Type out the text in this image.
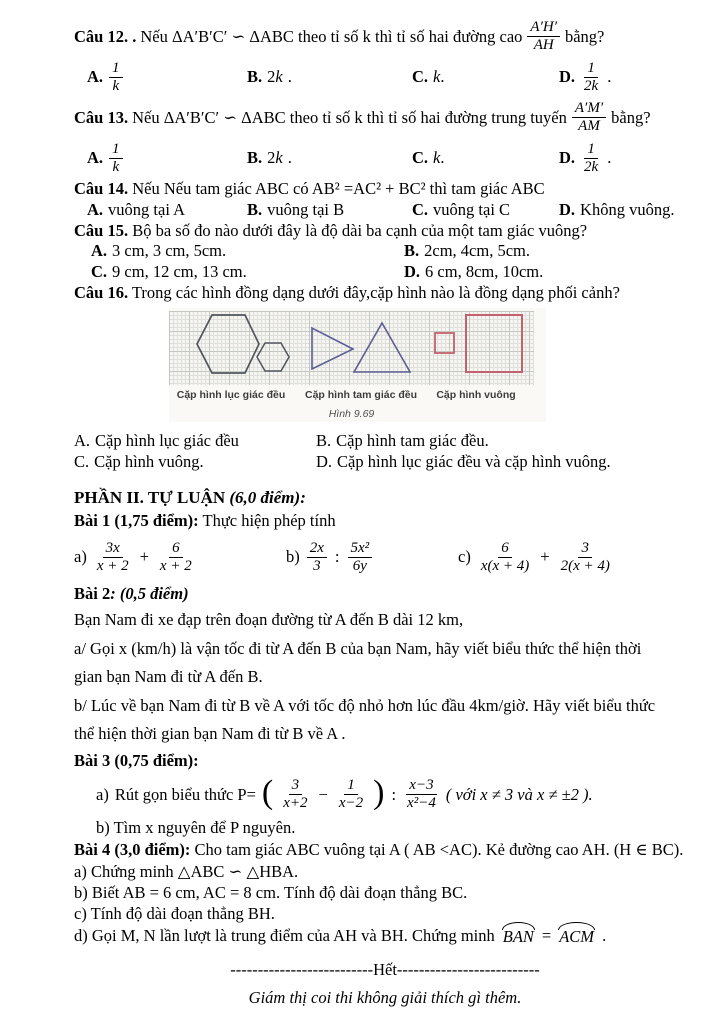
Câu 12. . Nếu ΔA′B′C′ ∽ ΔABC theo tỉ số k thì tỉ số hai đường cao $\frac{A'H'}{AH}$ bằng?
A. $\frac{1}{k}$	B. 2 k .	C. k .	D. $\frac{1}{2k}$ .
Câu 13. Nếu ΔA′B′C′ ∽ ΔABC theo tỉ số k thì tỉ số hai đường trung tuyến $\frac{A'M'}{AM}$ bằng?
A. $\frac{1}{k}$	B. 2 k .	C. k .	D. $\frac{1}{2k}$ .
Câu 14. Nếu Nếu tam giác ABC có AB² =AC² + BC² thì tam giác ABC
A. vuông tại A	B. vuông tại B	C. vuông tại C	D. Không vuông.
Câu 15. Bộ ba số đo nào dưới đây là độ dài ba cạnh của một tam giác vuông?
A. 3 cm, 3 cm, 5cm.	B. 2cm, 4cm, 5cm.
C. 9 cm, 12 cm, 13 cm.	D. 6 cm, 8cm, 10cm.
Câu 16. Trong các hình đồng dạng dưới đây,cặp hình nào là đồng dạng phối cảnh?
Cặp hình lục giác đều	Cặp hình tam giác đều	Cặp hình vuông
Hình 9.69
A. Cặp hình lục giác đều	B. Cặp hình tam giác đều.
C. Cặp hình vuông.	D. Cặp hình lục giác đều và cặp hình vuông.
PHẦN II. TỰ LUẬN (6,0 điểm):
Bài 1 (1,75 điểm): Thực hiện phép tính
$a) \frac{3x}{x + 2} + \frac{6}{x + 2}$	$b) \frac{2x}{3}$ : $\frac{\text{5x²}}{6y}$	$c) \frac{6}{x(x + 4)} + \frac{3}{2(x + 4)}$
Bài 2: (0,5 điểm)
Bạn Nam đi xe đạp trên đoạn đường từ A đến B dài 12 km,
a/ Gọi x (km/h) là vận tốc đi từ A đến B của bạn Nam, hãy viết biểu thức thể hiện thời
gian bạn Nam đi từ A đến B.
b/ Lúc về bạn Nam đi từ B về A với tốc độ nhỏ hơn lúc đầu 4km/giờ. Hãy viết biểu thức
thể hiện thời gian bạn Nam đi từ B về A .
Bài 3 (0,75 điểm):
a) Rút gọn biểu thức P= ( $\frac{3}{x+2} - \frac{1}{x-2}$ ) : $\frac{x-3}{\text{x²−4}}$ ( với x ≠ 3 và x ≠ ±2 ).
b) Tìm x nguyên để P nguyên.
Bài 4 (3,0 điểm): Cho tam giác ABC vuông tại A ( AB <AC). Kẻ đường cao AH. (H ∈ BC).
a) Chứng minh △ABC ∽ △HBA.
b) Biết AB = 6 cm, AC = 8 cm. Tính độ dài đoạn thẳng BC.
c) Tính độ dài đoạn thẳng BH.
d) Gọi M, N lần lượt là trung điểm của AH và BH. Chứng minh BAN = ACM .
--------------------------Hết--------------------------
Giám thị coi thi không giải thích gì thêm.
